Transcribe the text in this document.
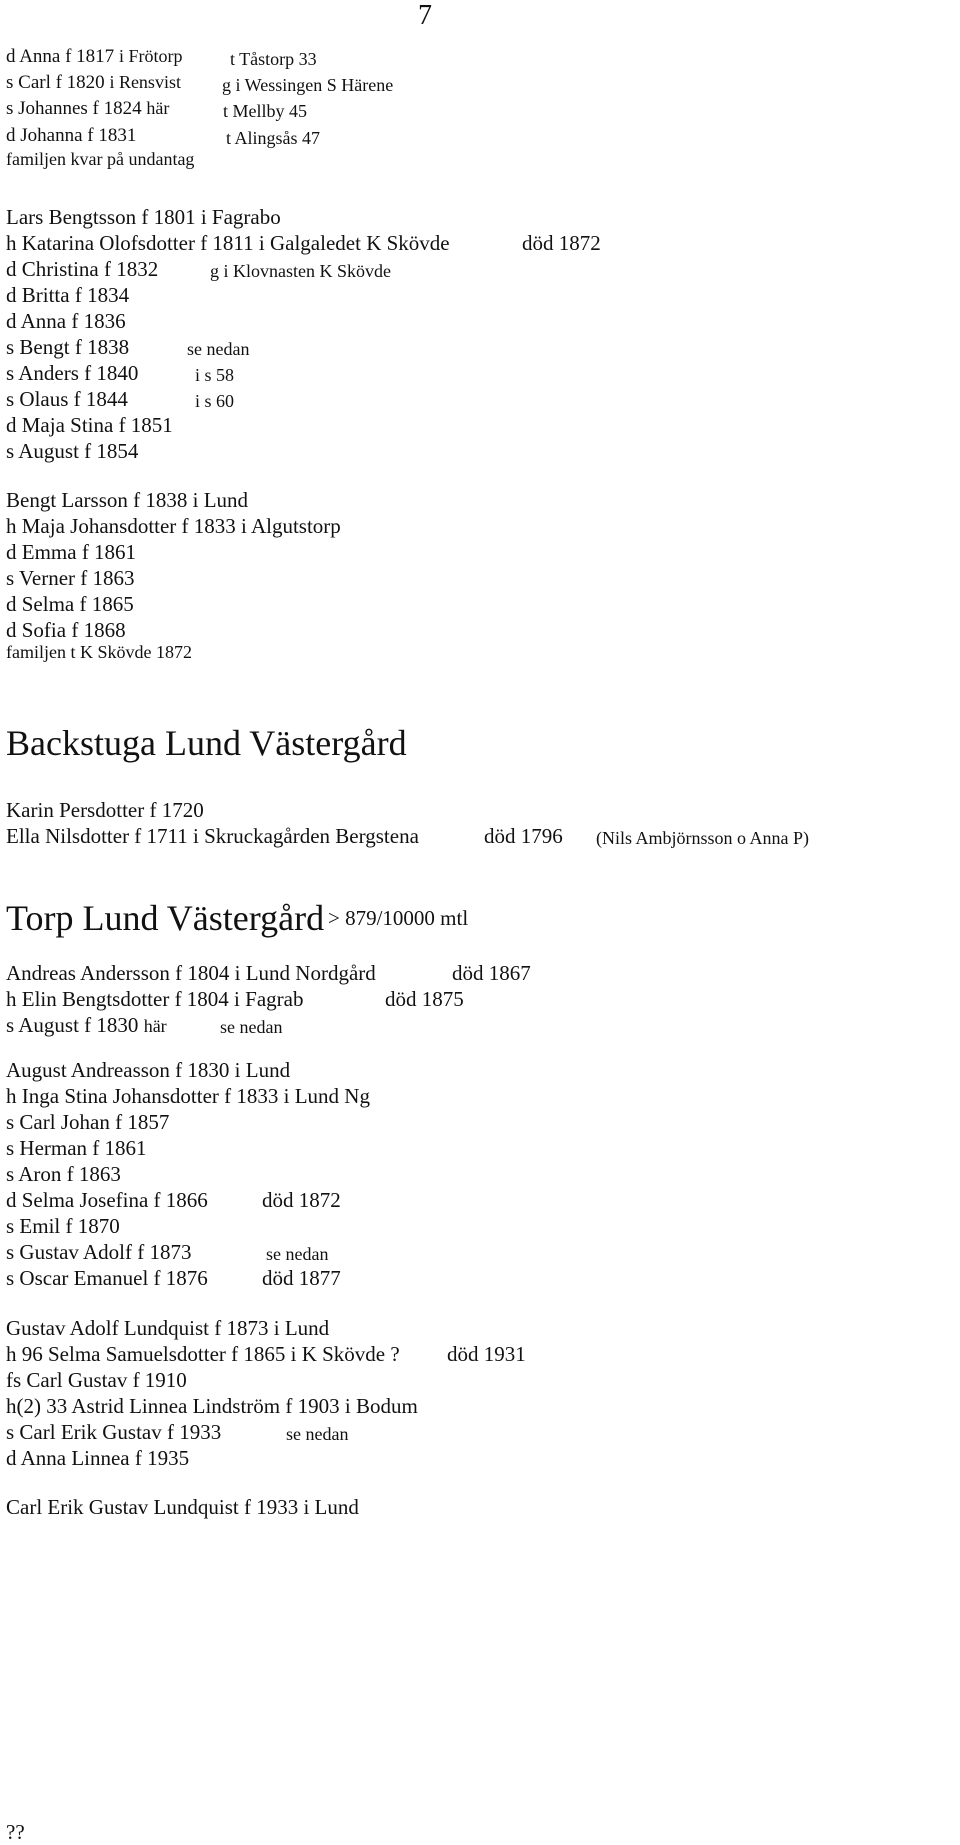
7
d Anna f 1817 i Frötorp	t Tåstorp 33
s Carl f 1820 i Rensvist g i Wessingen S Härene
s Johannes f 1824 här	t Mellby 45
d Johanna f 1831	t Alingsås 47
familjen kvar på undantag
Lars Bengtsson f 1801 i Fagrabo
h Katarina Olofsdotter f 1811 i Galgaledet K Skövde	död 1872
d Christina f 1832	g i Klovnasten K Skövde
d Britta f 1834
d Anna f 1836
s Bengt f 1838	se nedan
s Anders f 1840	i s 58
s Olaus f 1844	i s 60
d Maja Stina f 1851
s August f 1854
Bengt Larsson f 1838 i Lund
h Maja Johansdotter f 1833 i Algutstorp
d Emma f 1861
s Verner f 1863
d Selma f 1865
d Sofia f 1868
familjen t K Skövde 1872
Backstuga Lund Västergård
Karin Persdotter f 1720
Ella Nilsdotter f 1711 i Skruckagården Bergstena	död 1796 (Nils Ambjörnsson o Anna P)
Torp Lund Västergård > 879/10000 mtl
Andreas Andersson f 1804 i Lund Nordgård	död 1867
h Elin Bengtsdotter f 1804 i Fagrab	död 1875
s August f 1830 här	se nedan
August Andreasson f 1830 i Lund
h Inga Stina Johansdotter f 1833 i Lund Ng
s Carl Johan f 1857
s Herman f 1861
s Aron f 1863
d Selma Josefina f 1866	död 1872
s Emil f 1870
s Gustav Adolf f 1873	se nedan
s Oscar Emanuel f 1876	död 1877
Gustav Adolf Lundquist f 1873 i Lund
h 96 Selma Samuelsdotter f 1865 i K Skövde ? död 1931
fs Carl Gustav f 1910
h(2) 33 Astrid Linnea Lindström f 1903 i Bodum
s Carl Erik Gustav f 1933	se nedan
d Anna Linnea f 1935
Carl Erik Gustav Lundquist f 1933 i Lund
??
